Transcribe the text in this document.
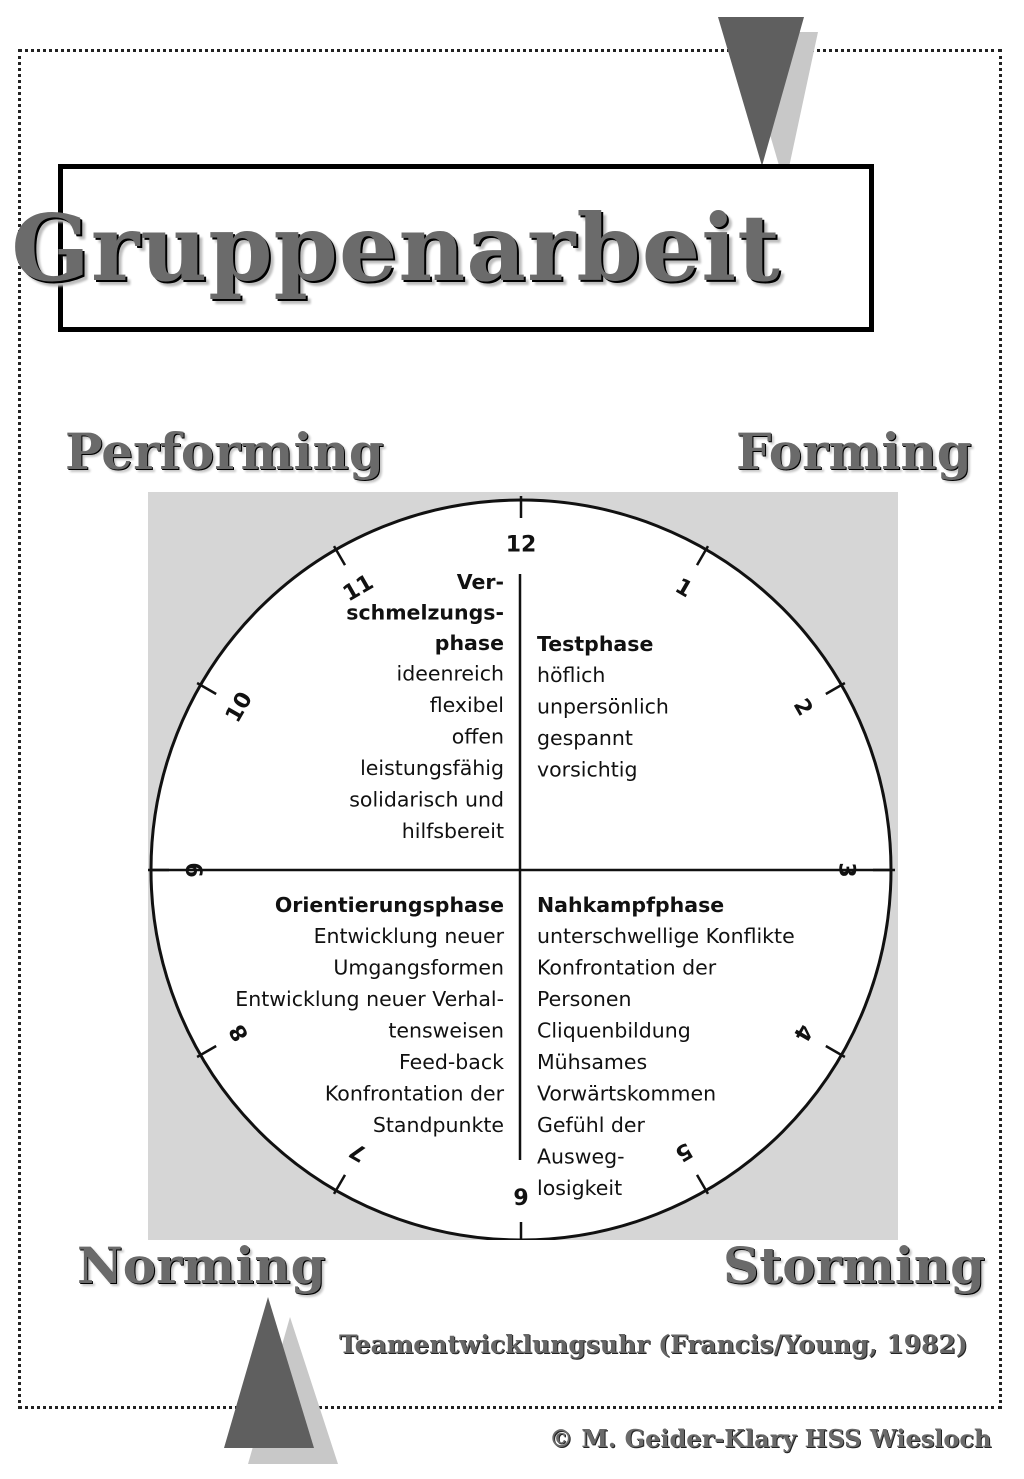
Gruppenarbeit
Performing	Forming
12
1
2
3
4
5
6
7
8
9
10
11	Ver-
schmelzungs-
phase
ideenreich
flexibel
offen
leistungsfähig
solidarisch und
hilfsbereit
Testphase
höflich
unpersönlich
gespannt
vorsichtig
Orientierungsphase
Entwicklung neuer
Umgangsformen
Entwicklung neuer Verhal-
tensweisen
Feed-back
Konfrontation der
Standpunkte
Nahkampfphase
unterschwellige Konflikte
Konfrontation der
Personen
Cliquenbildung
Mühsames
Vorwärtskommen
Gefühl der
Ausweg-
losigkeit
Norming	Storming
Teamentwicklungsuhr (Francis/Young, 1982)
© M. Geider-Klary HSS Wiesloch
